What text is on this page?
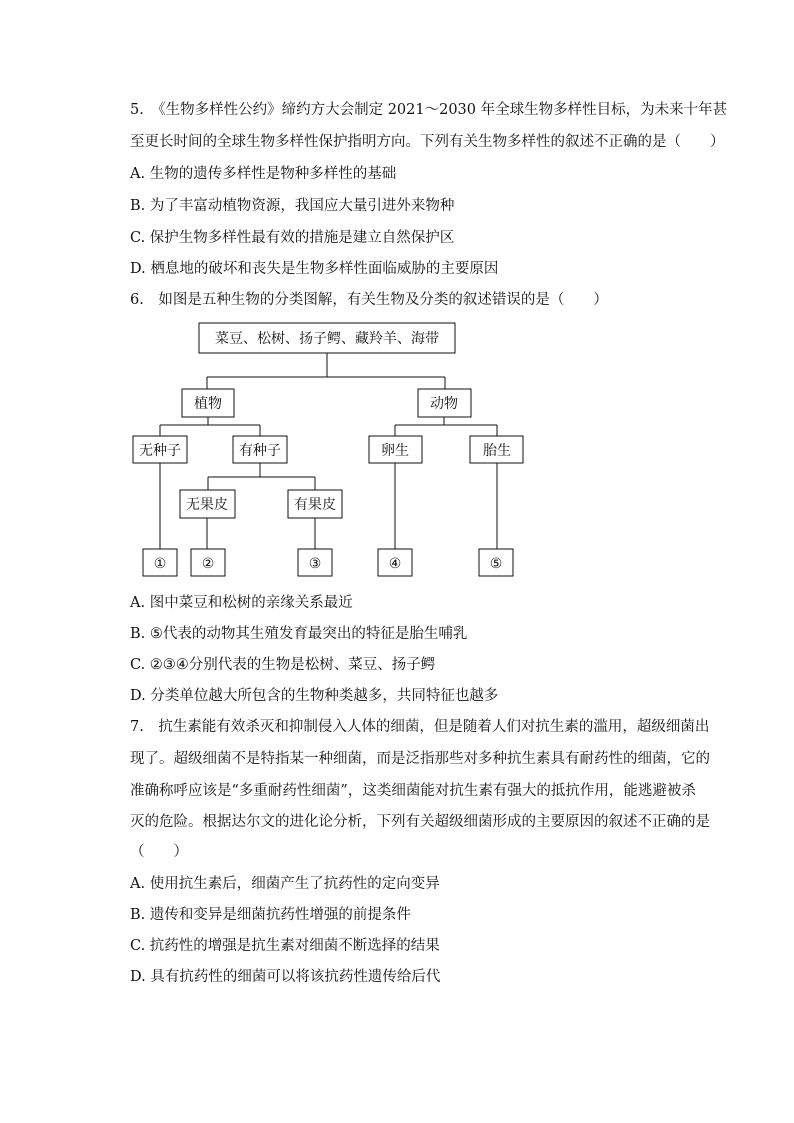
5.　《生物多样性公约》缔约方大会制定 2021～2030 年全球生物多样性目标，为未来十年甚
至更长时间的全球生物多样性保护指明方向。下列有关生物多样性的叙述不正确的是（　　）
A. 生物的遗传多样性是物种多样性的基础
B. 为了丰富动植物资源，我国应大量引进外来物种
C. 保护生物多样性最有效的措施是建立自然保护区
D. 栖息地的破坏和丧失是生物多样性面临威胁的主要原因
6.　如图是五种生物的分类图解，有关生物及分类的叙述错误的是（　　）
菜豆、松树、扬子鳄、藏羚羊、海带
植物	动物
无种子	有种子	卵生	胎生
无果皮	有果皮
①	②	③	④	⑤
A. 图中菜豆和松树的亲缘关系最近
B. ⑤代表的动物其生殖发育最突出的特征是胎生哺乳
C. ②③④分别代表的生物是松树、菜豆、扬子鳄
D. 分类单位越大所包含的生物种类越多，共同特征也越多
7.　抗生素能有效杀灭和抑制侵入人体的细菌，但是随着人们对抗生素的滥用，超级细菌出
现了。超级细菌不是特指某一种细菌，而是泛指那些对多种抗生素具有耐药性的细菌，它的
准确称呼应该是“多重耐药性细菌”，这类细菌能对抗生素有强大的抵抗作用，能逃避被杀
灭的危险。根据达尔文的进化论分析，下列有关超级细菌形成的主要原因的叙述不正确的是
（　　）
A. 使用抗生素后，细菌产生了抗药性的定向变异
B. 遗传和变异是细菌抗药性增强的前提条件
C. 抗药性的增强是抗生素对细菌不断选择的结果
D. 具有抗药性的细菌可以将该抗药性遗传给后代
